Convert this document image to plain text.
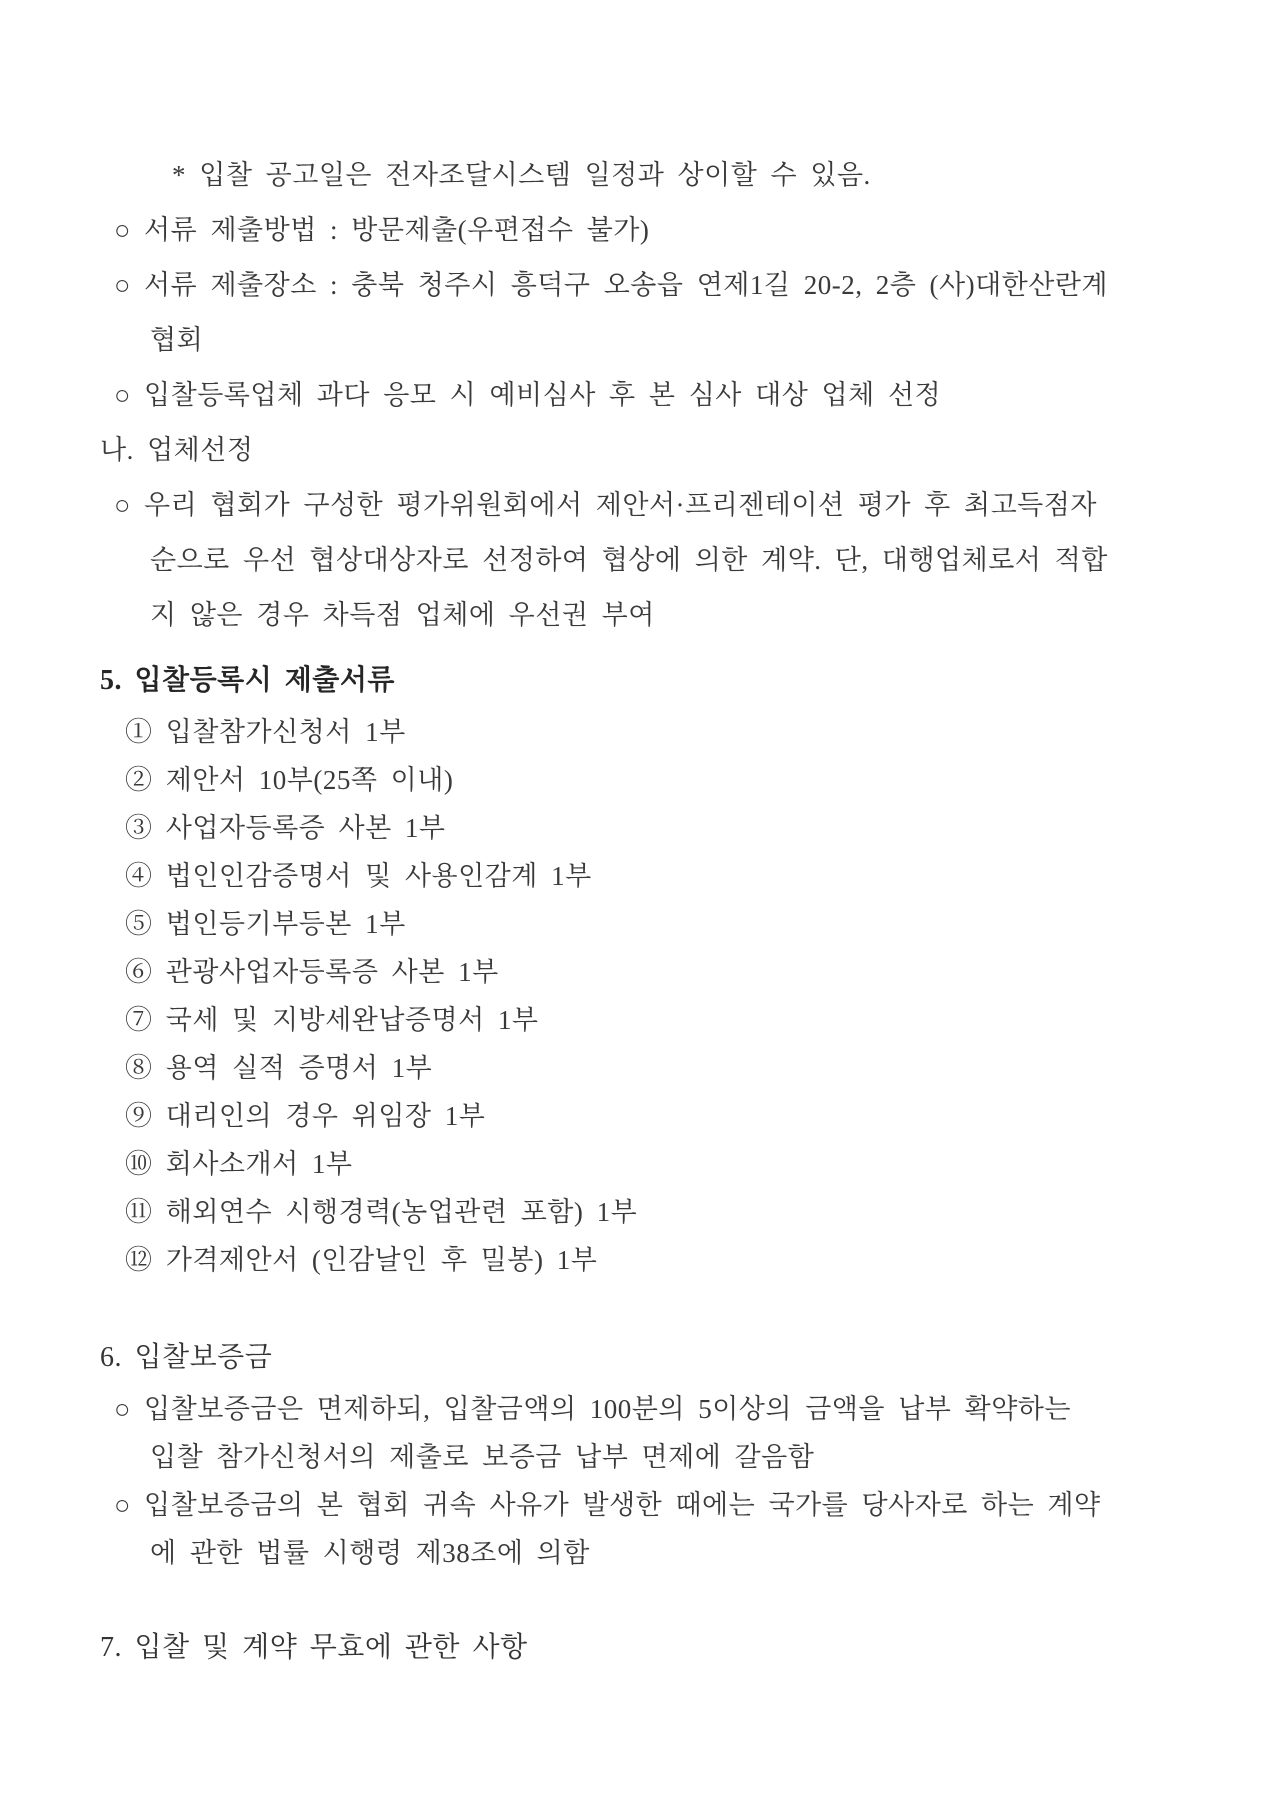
* 입찰 공고일은 전자조달시스템 일정과 상이할 수 있음.
○ 서류 제출방법 : 방문제출(우편접수 불가)
○ 서류 제출장소 : 충북 청주시 흥덕구 오송읍 연제1길 20-2, 2층 (사)대한산란계
협회
○ 입찰등록업체 과다 응모 시 예비심사 후 본 심사 대상 업체 선정
나. 업체선정
○ 우리 협회가 구성한 평가위원회에서 제안서·프리젠테이션 평가 후 최고득점자
순으로 우선 협상대상자로 선정하여 협상에 의한 계약. 단, 대행업체로서 적합
지 않은 경우 차득점 업체에 우선권 부여
5. 입찰등록시 제출서류
① 입찰참가신청서 1부
② 제안서 10부(25쪽 이내)
③ 사업자등록증 사본 1부
④ 법인인감증명서 및 사용인감계 1부
⑤ 법인등기부등본 1부
⑥ 관광사업자등록증 사본 1부
⑦ 국세 및 지방세완납증명서 1부
⑧ 용역 실적 증명서 1부
⑨ 대리인의 경우 위임장 1부
⑩ 회사소개서 1부
⑪ 해외연수 시행경력(농업관련 포함) 1부
⑫ 가격제안서 (인감날인 후 밀봉) 1부
6. 입찰보증금
○ 입찰보증금은 면제하되, 입찰금액의 100분의 5이상의 금액을 납부 확약하는
입찰 참가신청서의 제출로 보증금 납부 면제에 갈음함
○ 입찰보증금의 본 협회 귀속 사유가 발생한 때에는 국가를 당사자로 하는 계약
에 관한 법률 시행령 제38조에 의함
7. 입찰 및 계약 무효에 관한 사항
